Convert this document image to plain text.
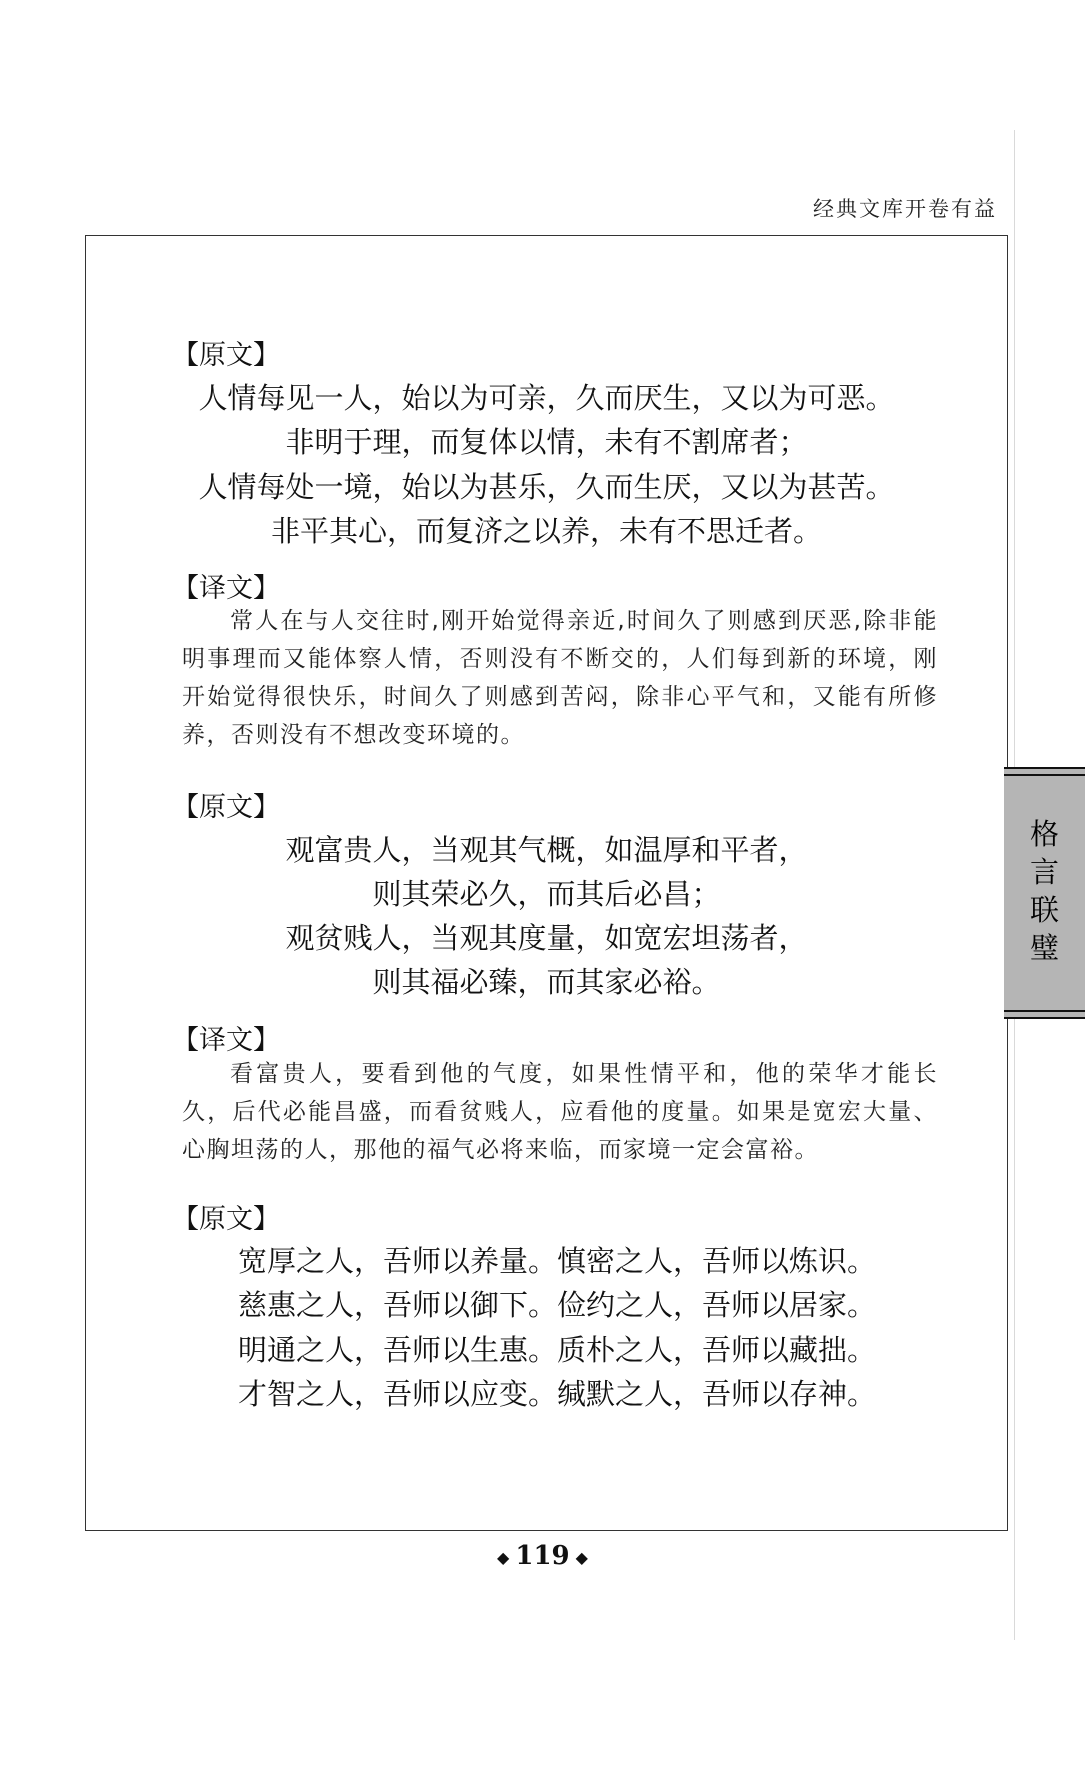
经典文库开卷有益
格言联璧
【原文】
人情每见一人，始以为可亲，久而厌生，又以为可恶。
非明于理，而复体以情，未有不割席者；
人情每处一境，始以为甚乐，久而生厌，又以为甚苦。
非平其心，而复济之以养，未有不思迁者。
【译文】
常人在与人交往时,刚开始觉得亲近,时间久了则感到厌恶,除非能明事理而又能体察人情，否则没有不断交的，人们每到新的环境，刚开始觉得很快乐，时间久了则感到苦闷，除非心平气和，又能有所修养，否则没有不想改变环境的。
【原文】
观富贵人，当观其气概，如温厚和平者，
则其荣必久，而其后必昌；
观贫贱人，当观其度量，如宽宏坦荡者，
则其福必臻，而其家必裕。
【译文】
看富贵人，要看到他的气度，如果性情平和，他的荣华才能长久，后代必能昌盛，而看贫贱人，应看他的度量。如果是宽宏大量、心胸坦荡的人，那他的福气必将来临，而家境一定会富裕。
【原文】
宽厚之人，吾师以养量。慎密之人，吾师以炼识。
慈惠之人，吾师以御下。俭约之人，吾师以居家。
明通之人，吾师以生惠。质朴之人，吾师以藏拙。
才智之人，吾师以应变。缄默之人，吾师以存神。
◆ 119 ◆
